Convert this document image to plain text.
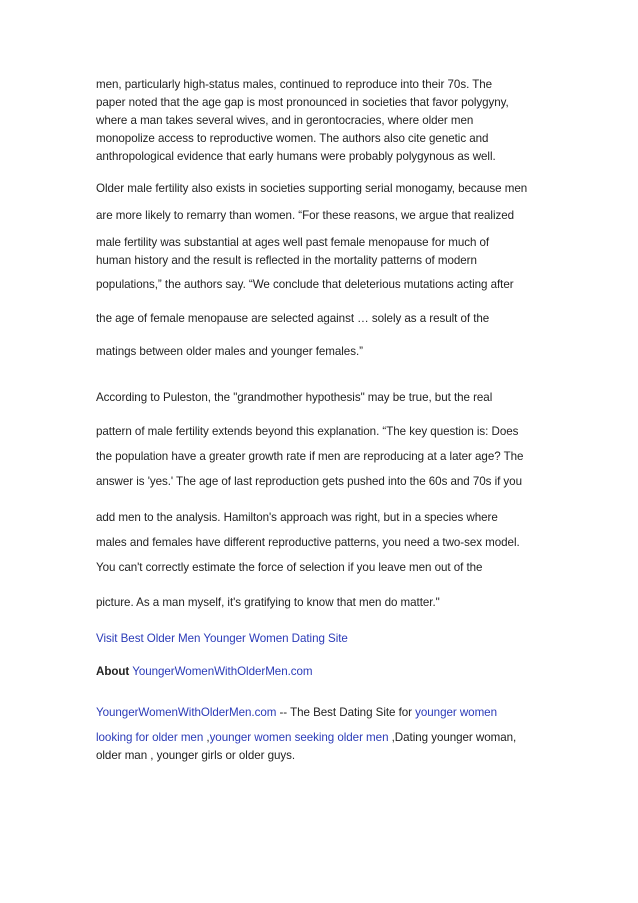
men, particularly high-status males, continued to reproduce into their 70s. The
paper noted that the age gap is most pronounced in societies that favor polygyny,
where a man takes several wives, and in gerontocracies, where older men
monopolize access to reproductive women. The authors also cite genetic and
anthropological evidence that early humans were probably polygynous as well.
Older male fertility also exists in societies supporting serial monogamy, because men
are more likely to remarry than women. “For these reasons, we argue that realized
male fertility was substantial at ages well past female menopause for much of
human history and the result is reflected in the mortality patterns of modern
populations,” the authors say. “We conclude that deleterious mutations acting after
the age of female menopause are selected against … solely as a result of the
matings between older males and younger females.”
According to Puleston, the "grandmother hypothesis" may be true, but the real
pattern of male fertility extends beyond this explanation. “The key question is: Does
the population have a greater growth rate if men are reproducing at a later age? The
answer is 'yes.' The age of last reproduction gets pushed into the 60s and 70s if you
add men to the analysis. Hamilton's approach was right, but in a species where
males and females have different reproductive patterns, you need a two-sex model.
You can't correctly estimate the force of selection if you leave men out of the
picture. As a man myself, it's gratifying to know that men do matter."
Visit Best Older Men Younger Women Dating Site
About YoungerWomenWithOlderMen.com
YoungerWomenWithOlderMen.com -- The Best Dating Site for younger women
looking for older men ,younger women seeking older men ,Dating younger woman,
older man , younger girls or older guys.
